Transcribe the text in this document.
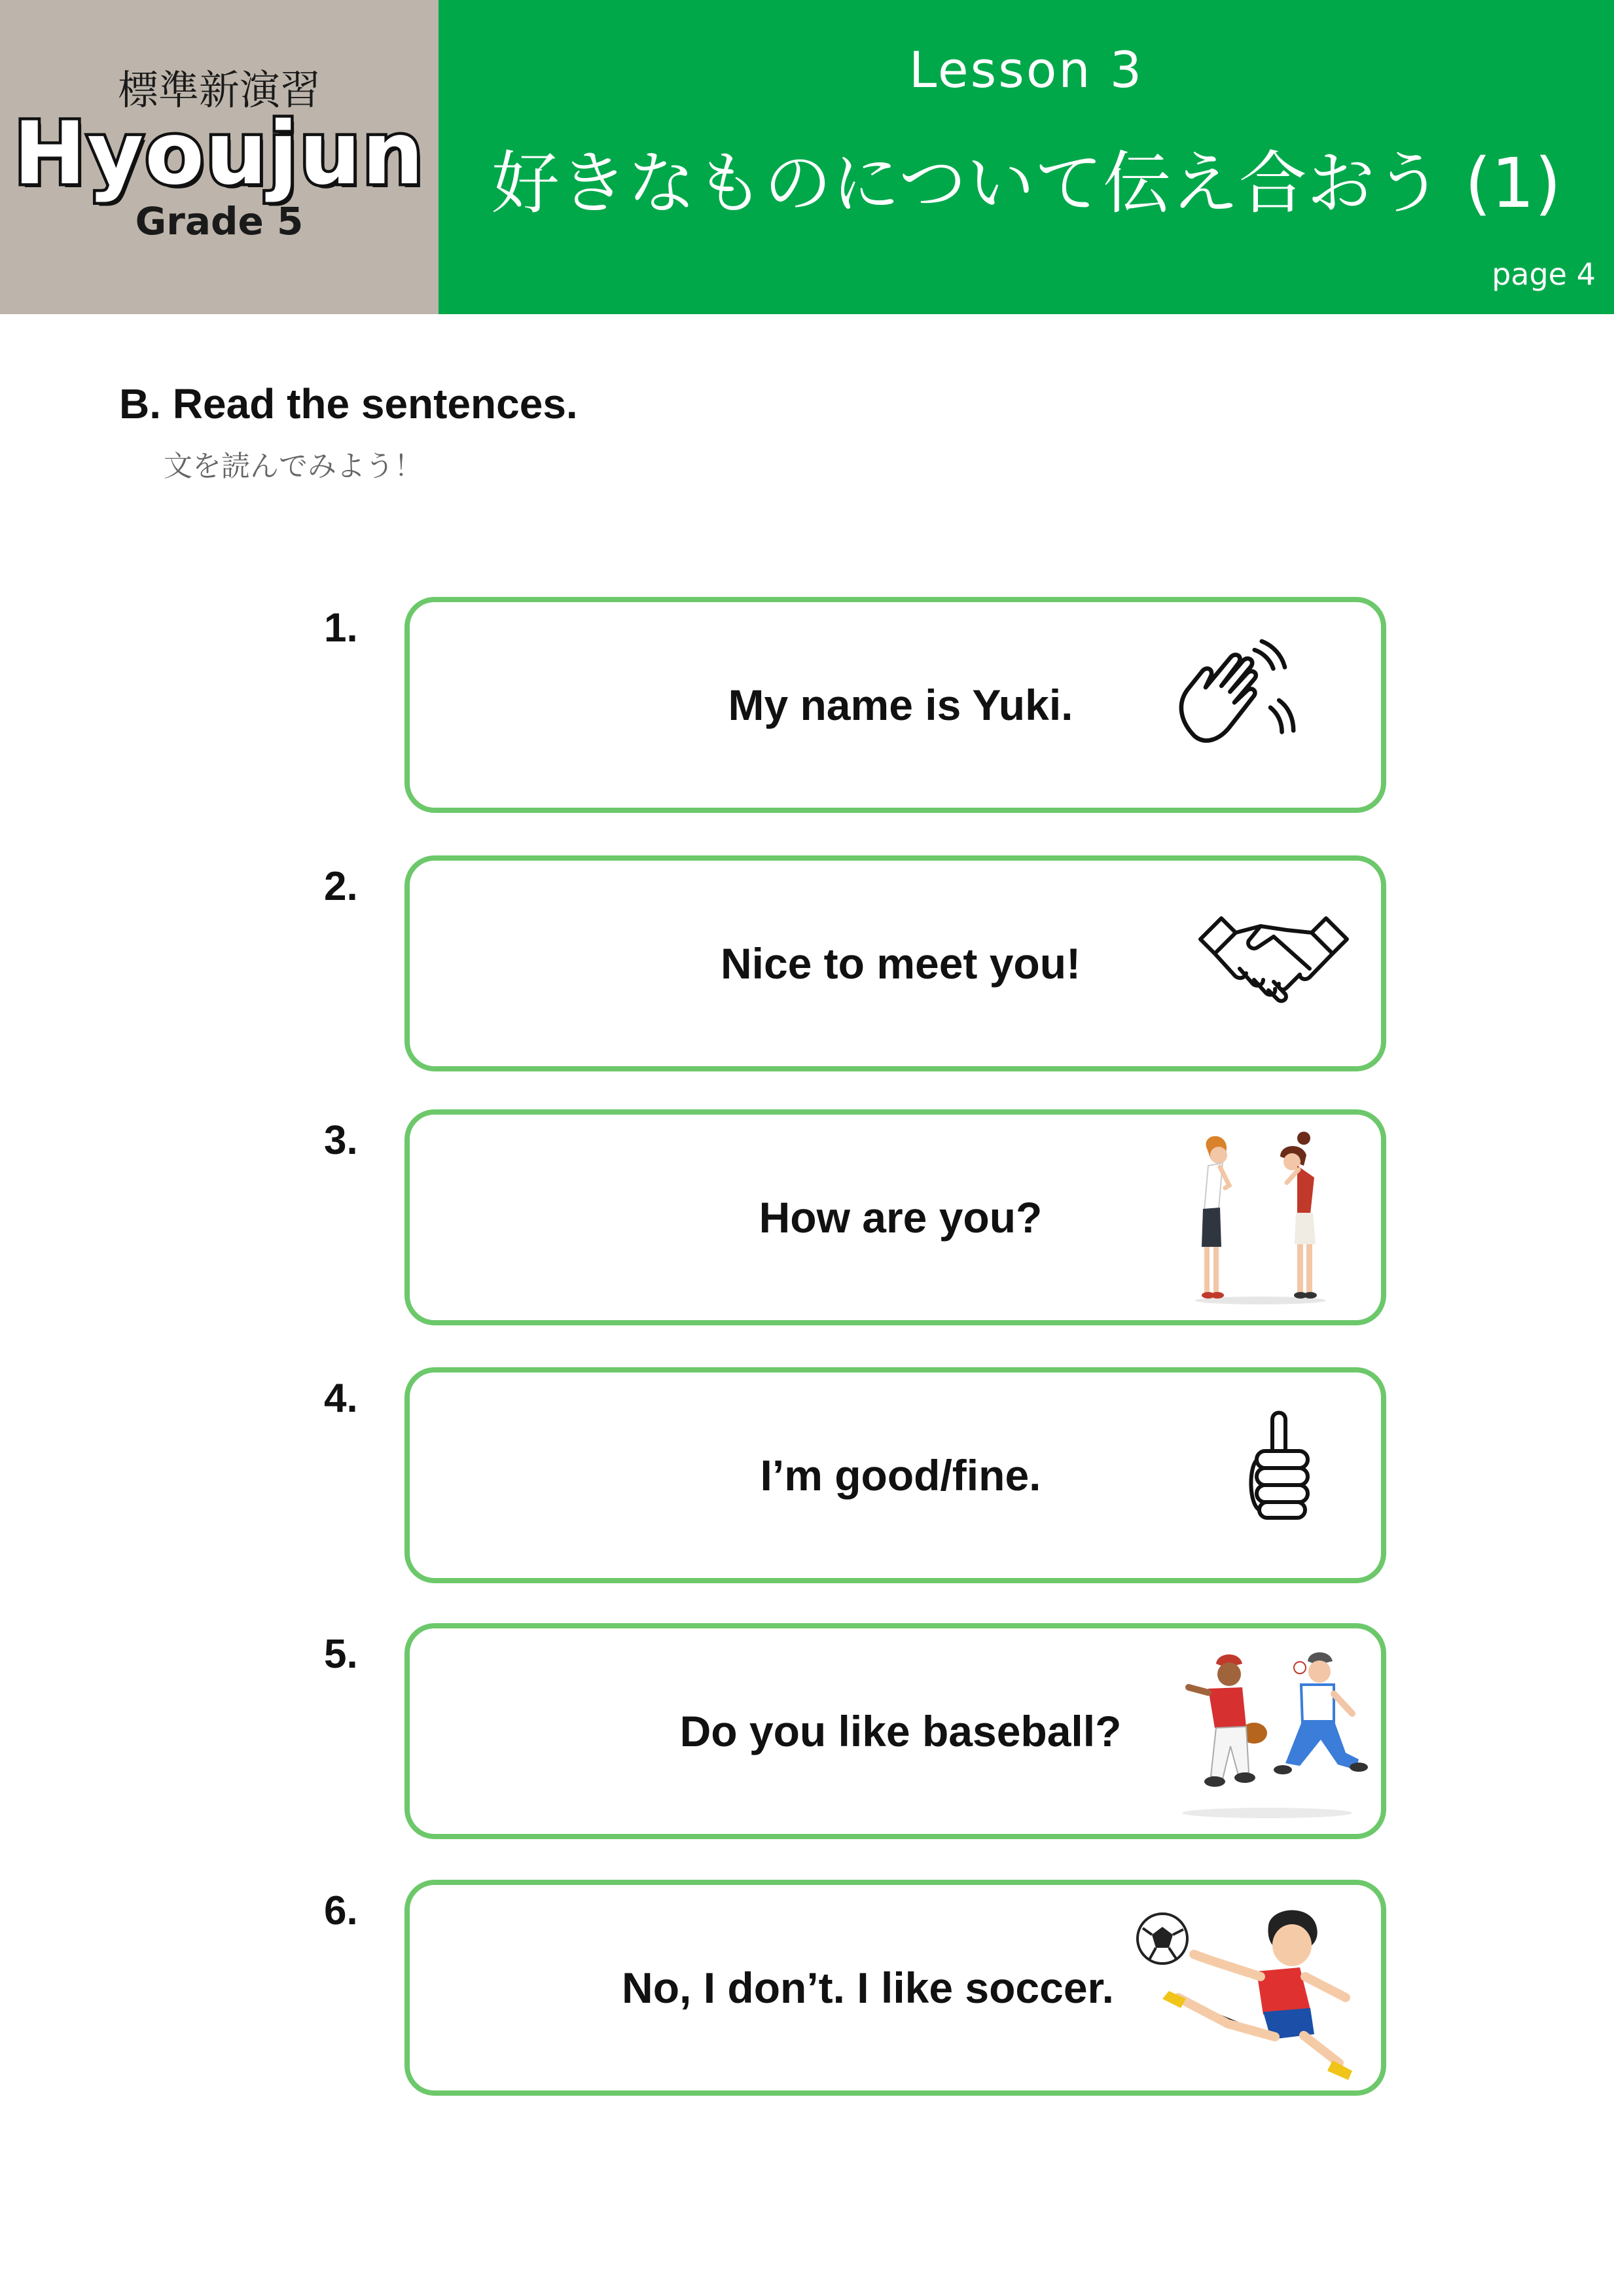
標準新演習
Hyoujun
Grade 5
Lesson 3
好きなものについて伝え合おう (1)
page 4
B. Read the sentences.
文を読んでみよう！
1.
My name is Yuki.
2.
Nice to meet you!
3.
How are you?
4.
I’m good/fine.
5.
Do you like baseball?
6.
No, I don’t. I like soccer.
